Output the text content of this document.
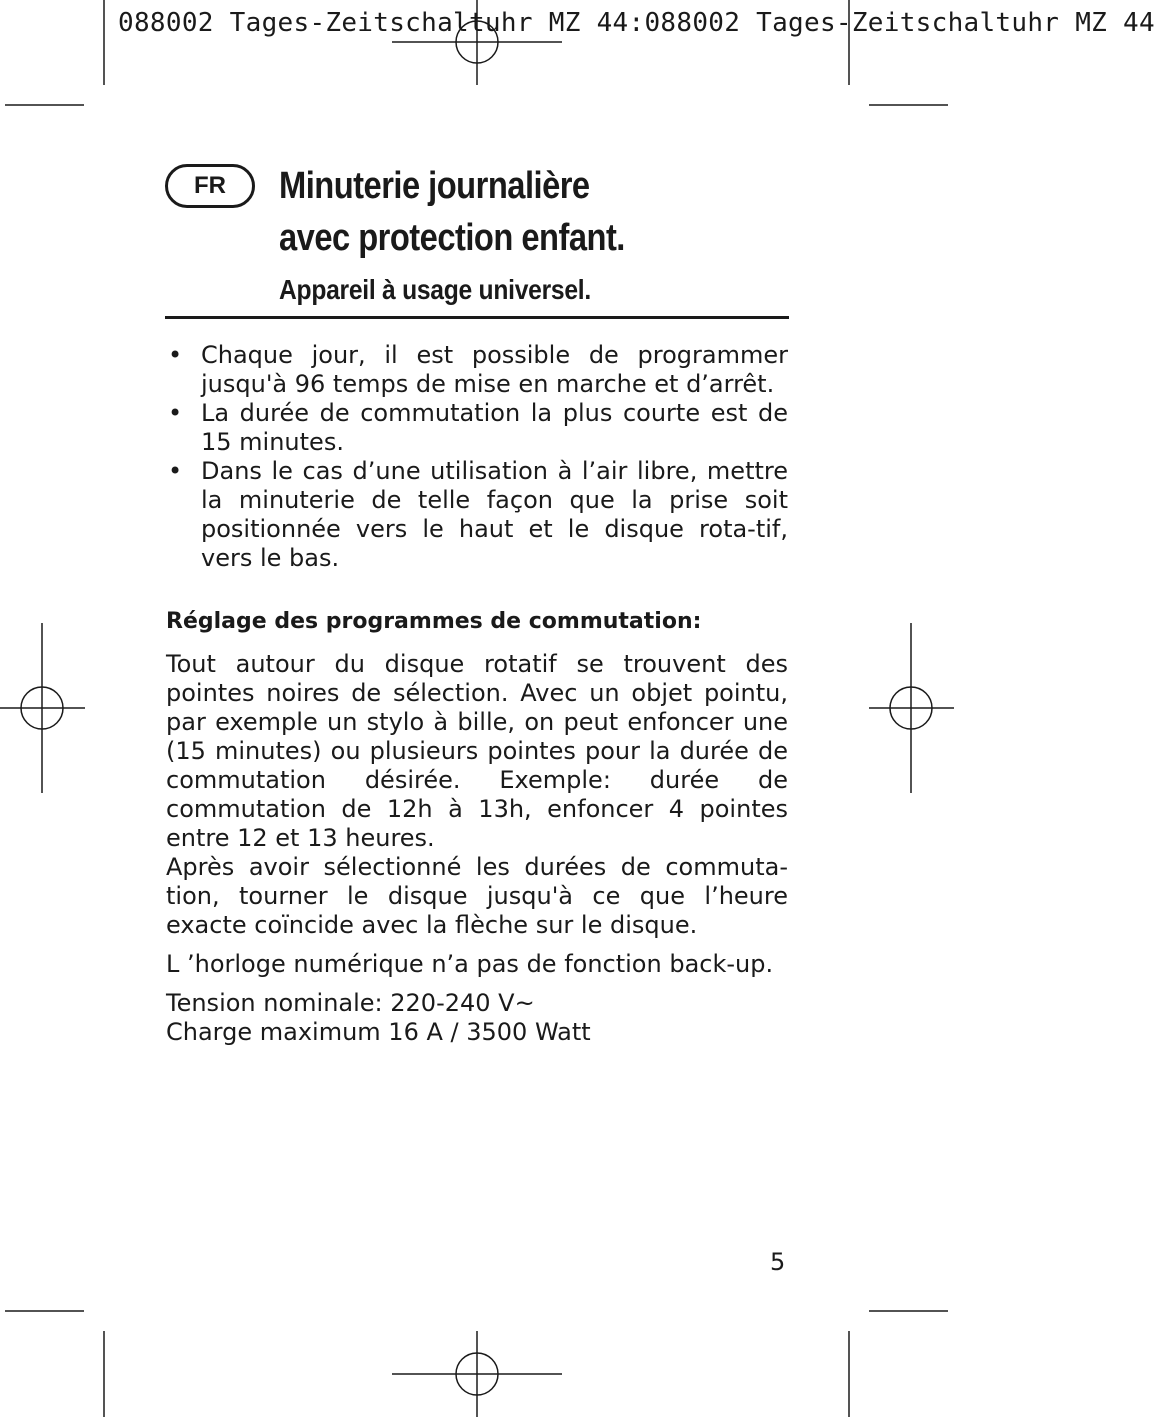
088002 Tages-Zeitschaltuhr MZ 44:088002 Tages-Zeitschaltuhr MZ 44
FR	Minuterie journalière
avec protection enfant.
Appareil à usage universel.
• Chaque jour, il est possible de programmer jusqu'à 96 temps de mise en marche et d’arrêt.
• La durée de commutation la plus courte est de 15 minutes.
• Dans le cas d’une utilisation à l’air libre, mettre la minuterie de telle façon que la prise soit positionnée vers le haut et le disque rota-tif, vers le bas.

Réglage des programmes de commutation:

Tout autour du disque rotatif se trouvent des pointes noires de sélection. Avec un objet pointu, par exemple un stylo à bille, on peut enfoncer une (15 minutes) ou plusieurs pointes pour la durée de commutation désirée. Exemple: durée de commutation de 12h à 13h, enfoncer 4 pointes entre 12 et 13 heures.

Après avoir sélectionné les durées de commuta-tion, tourner le disque jusqu'à ce que l’heure exacte coïncide avec la flèche sur le disque.

L ’horloge numérique n’a pas de fonction back-up.

Tension nominale: 220-240 V~

Charge maximum 16 A / 3500 Watt

5
